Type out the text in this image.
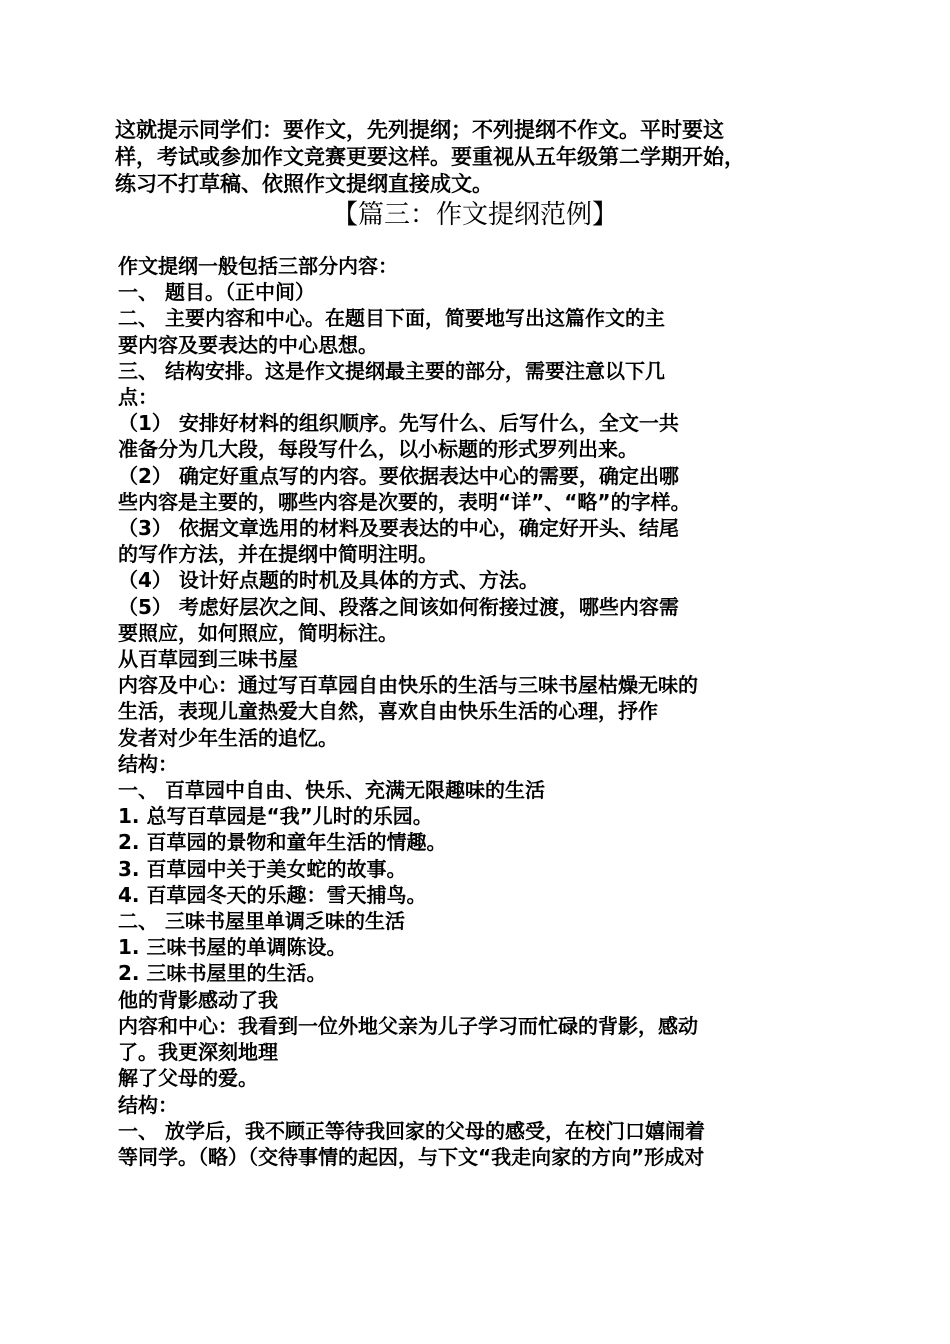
这就提示同学们：要作文，先列提纲；不列提纲不作文。平时要这
样，考试或参加作文竞赛更要这样。要重视从五年级第二学期开始，
练习不打草稿、依照作文提纲直接成文。
【篇三：作文提纲范例】
作文提纲一般包括三部分内容：
一、 题目。（正中间）
二、 主要内容和中心。在题目下面，简要地写出这篇作文的主
要内容及要表达的中心思想。
三、 结构安排。这是作文提纲最主要的部分，需要注意以下几
点：
（1） 安排好材料的组织顺序。先写什么、后写什么，全文一共
准备分为几大段，每段写什么，以小标题的形式罗列出来。
（2） 确定好重点写的内容。要依据表达中心的需要，确定出哪
些内容是主要的，哪些内容是次要的，表明“详”、“略”的字样。
（3） 依据文章选用的材料及要表达的中心，确定好开头、结尾
的写作方法，并在提纲中简明注明。
（4） 设计好点题的时机及具体的方式、方法。
（5） 考虑好层次之间、段落之间该如何衔接过渡，哪些内容需
要照应，如何照应，简明标注。
从百草园到三味书屋
内容及中心：通过写百草园自由快乐的生活与三味书屋枯燥无味的
生活，表现儿童热爱大自然，喜欢自由快乐生活的心理，抒作
发者对少年生活的追忆。
结构：
一、 百草园中自由、快乐、充满无限趣味的生活
1. 总写百草园是“我”儿时的乐园。
2. 百草园的景物和童年生活的情趣。
3. 百草园中关于美女蛇的故事。
4. 百草园冬天的乐趣：雪天捕鸟。
二、 三味书屋里单调乏味的生活
1. 三味书屋的单调陈设。
2. 三味书屋里的生活。
他的背影感动了我
内容和中心：我看到一位外地父亲为儿子学习而忙碌的背影，感动
了。我更深刻地理
解了父母的爱。
结构：
一、 放学后，我不顾正等待我回家的父母的感受，在校门口嬉闹着
等同学。（略）（交待事情的起因，与下文“我走向家的方向”形成对
